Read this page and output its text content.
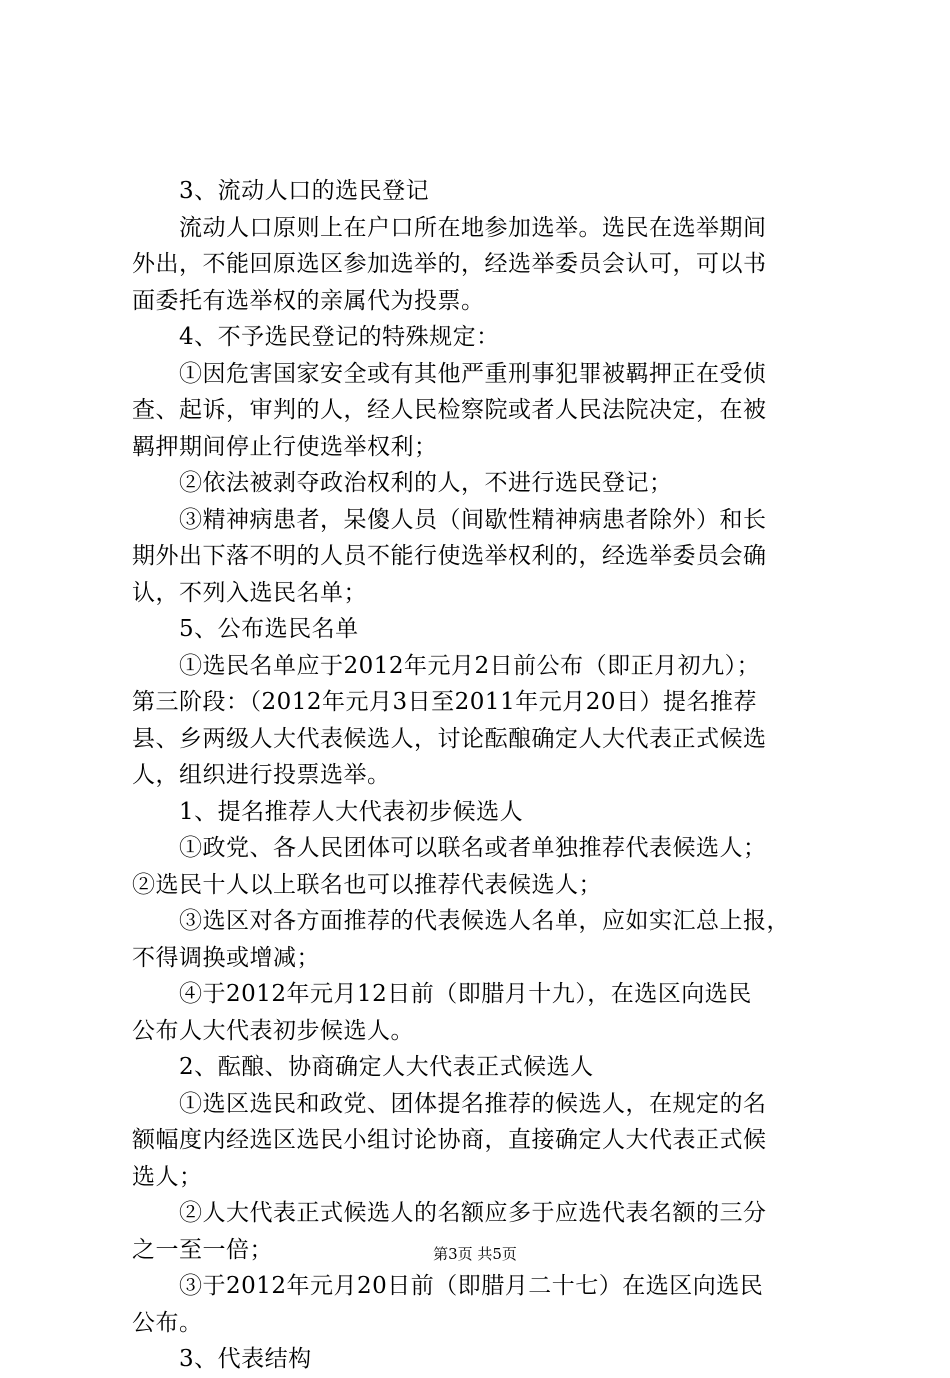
3、流动人口的选民登记
流动人口原则上在户口所在地参加选举。选民在选举期间
外出，不能回原选区参加选举的，经选举委员会认可，可以书
面委托有选举权的亲属代为投票。
4、不予选民登记的特殊规定：
①因危害国家安全或有其他严重刑事犯罪被羁押正在受侦
查、起诉，审判的人，经人民检察院或者人民法院决定，在被
羁押期间停止行使选举权利；
②依法被剥夺政治权利的人，不进行选民登记；
③精神病患者，呆傻人员（间歇性精神病患者除外）和长
期外出下落不明的人员不能行使选举权利的，经选举委员会确
认，不列入选民名单；
5、公布选民名单
①选民名单应于2012年元月2日前公布（即正月初九）；
第三阶段：（2012年元月3日至2011年元月20日）提名推荐
县、乡两级人大代表候选人，讨论酝酿确定人大代表正式候选
人，组织进行投票选举。
1、提名推荐人大代表初步候选人
①政党、各人民团体可以联名或者单独推荐代表候选人；
②选民十人以上联名也可以推荐代表候选人；
③选区对各方面推荐的代表候选人名单，应如实汇总上报，
不得调换或增减；
④于2012年元月12日前（即腊月十九），在选区向选民
公布人大代表初步候选人。
2、酝酿、协商确定人大代表正式候选人
①选区选民和政党、团体提名推荐的候选人，在规定的名
额幅度内经选区选民小组讨论协商，直接确定人大代表正式候
选人；
②人大代表正式候选人的名额应多于应选代表名额的三分
之一至一倍；
③于2012年元月20日前（即腊月二十七）在选区向选民
公布。
3、代表结构
第3页 共5页
